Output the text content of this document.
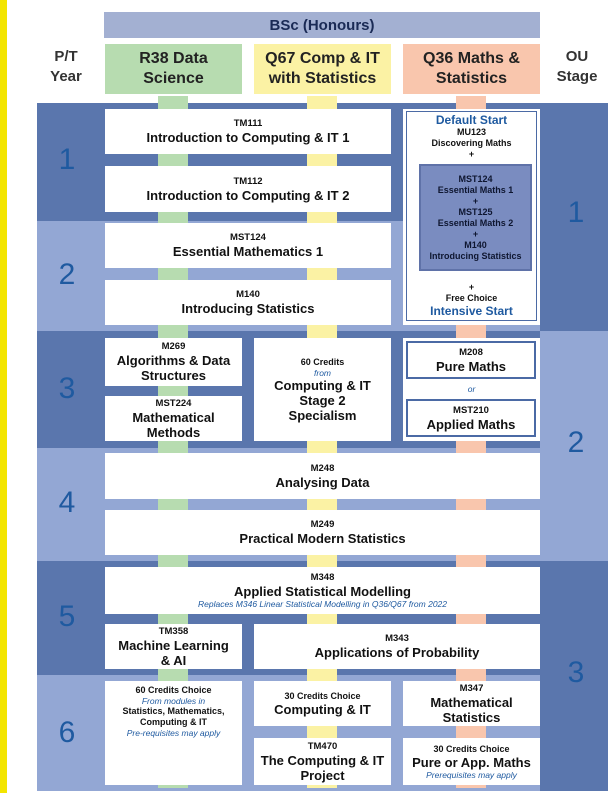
BSc (Honours)
P/T
Year
OU
Stage
R38 Data Science
Q67 Comp & IT with Statistics
Q36 Maths & Statistics
1
2
3
4
5
6
1
2
3
TM111
Introduction to Computing & IT 1
TM112
Introduction to Computing & IT 2
MST124
Essential Mathematics 1
M140
Introducing Statistics
Default Start
MU123
Discovering Maths
+
MST124
Essential Maths 1
+
MST125
Essential Maths 2
+
M140
Introducing Statistics
+
Free Choice
Intensive Start
M269
Algorithms & Data Structures
MST224
Mathematical Methods
60 Credits
from
Computing & IT Stage 2 Specialism
M208
Pure Maths
or
MST210
Applied Maths
M248
Analysing Data
M249
Practical Modern Statistics
M348
Applied Statistical Modelling
Replaces M346 Linear Statistical Modelling in Q36/Q67 from 2022
TM358
Machine Learning & AI
M343
Applications of Probability
60 Credits Choice
From modules in
Statistics, Mathematics, Computing & IT
Pre-requisites may apply
30 Credits Choice
Computing & IT
TM470
The Computing & IT Project
M347
Mathematical Statistics
30 Credits Choice
Pure or App. Maths
Prerequisites may apply
